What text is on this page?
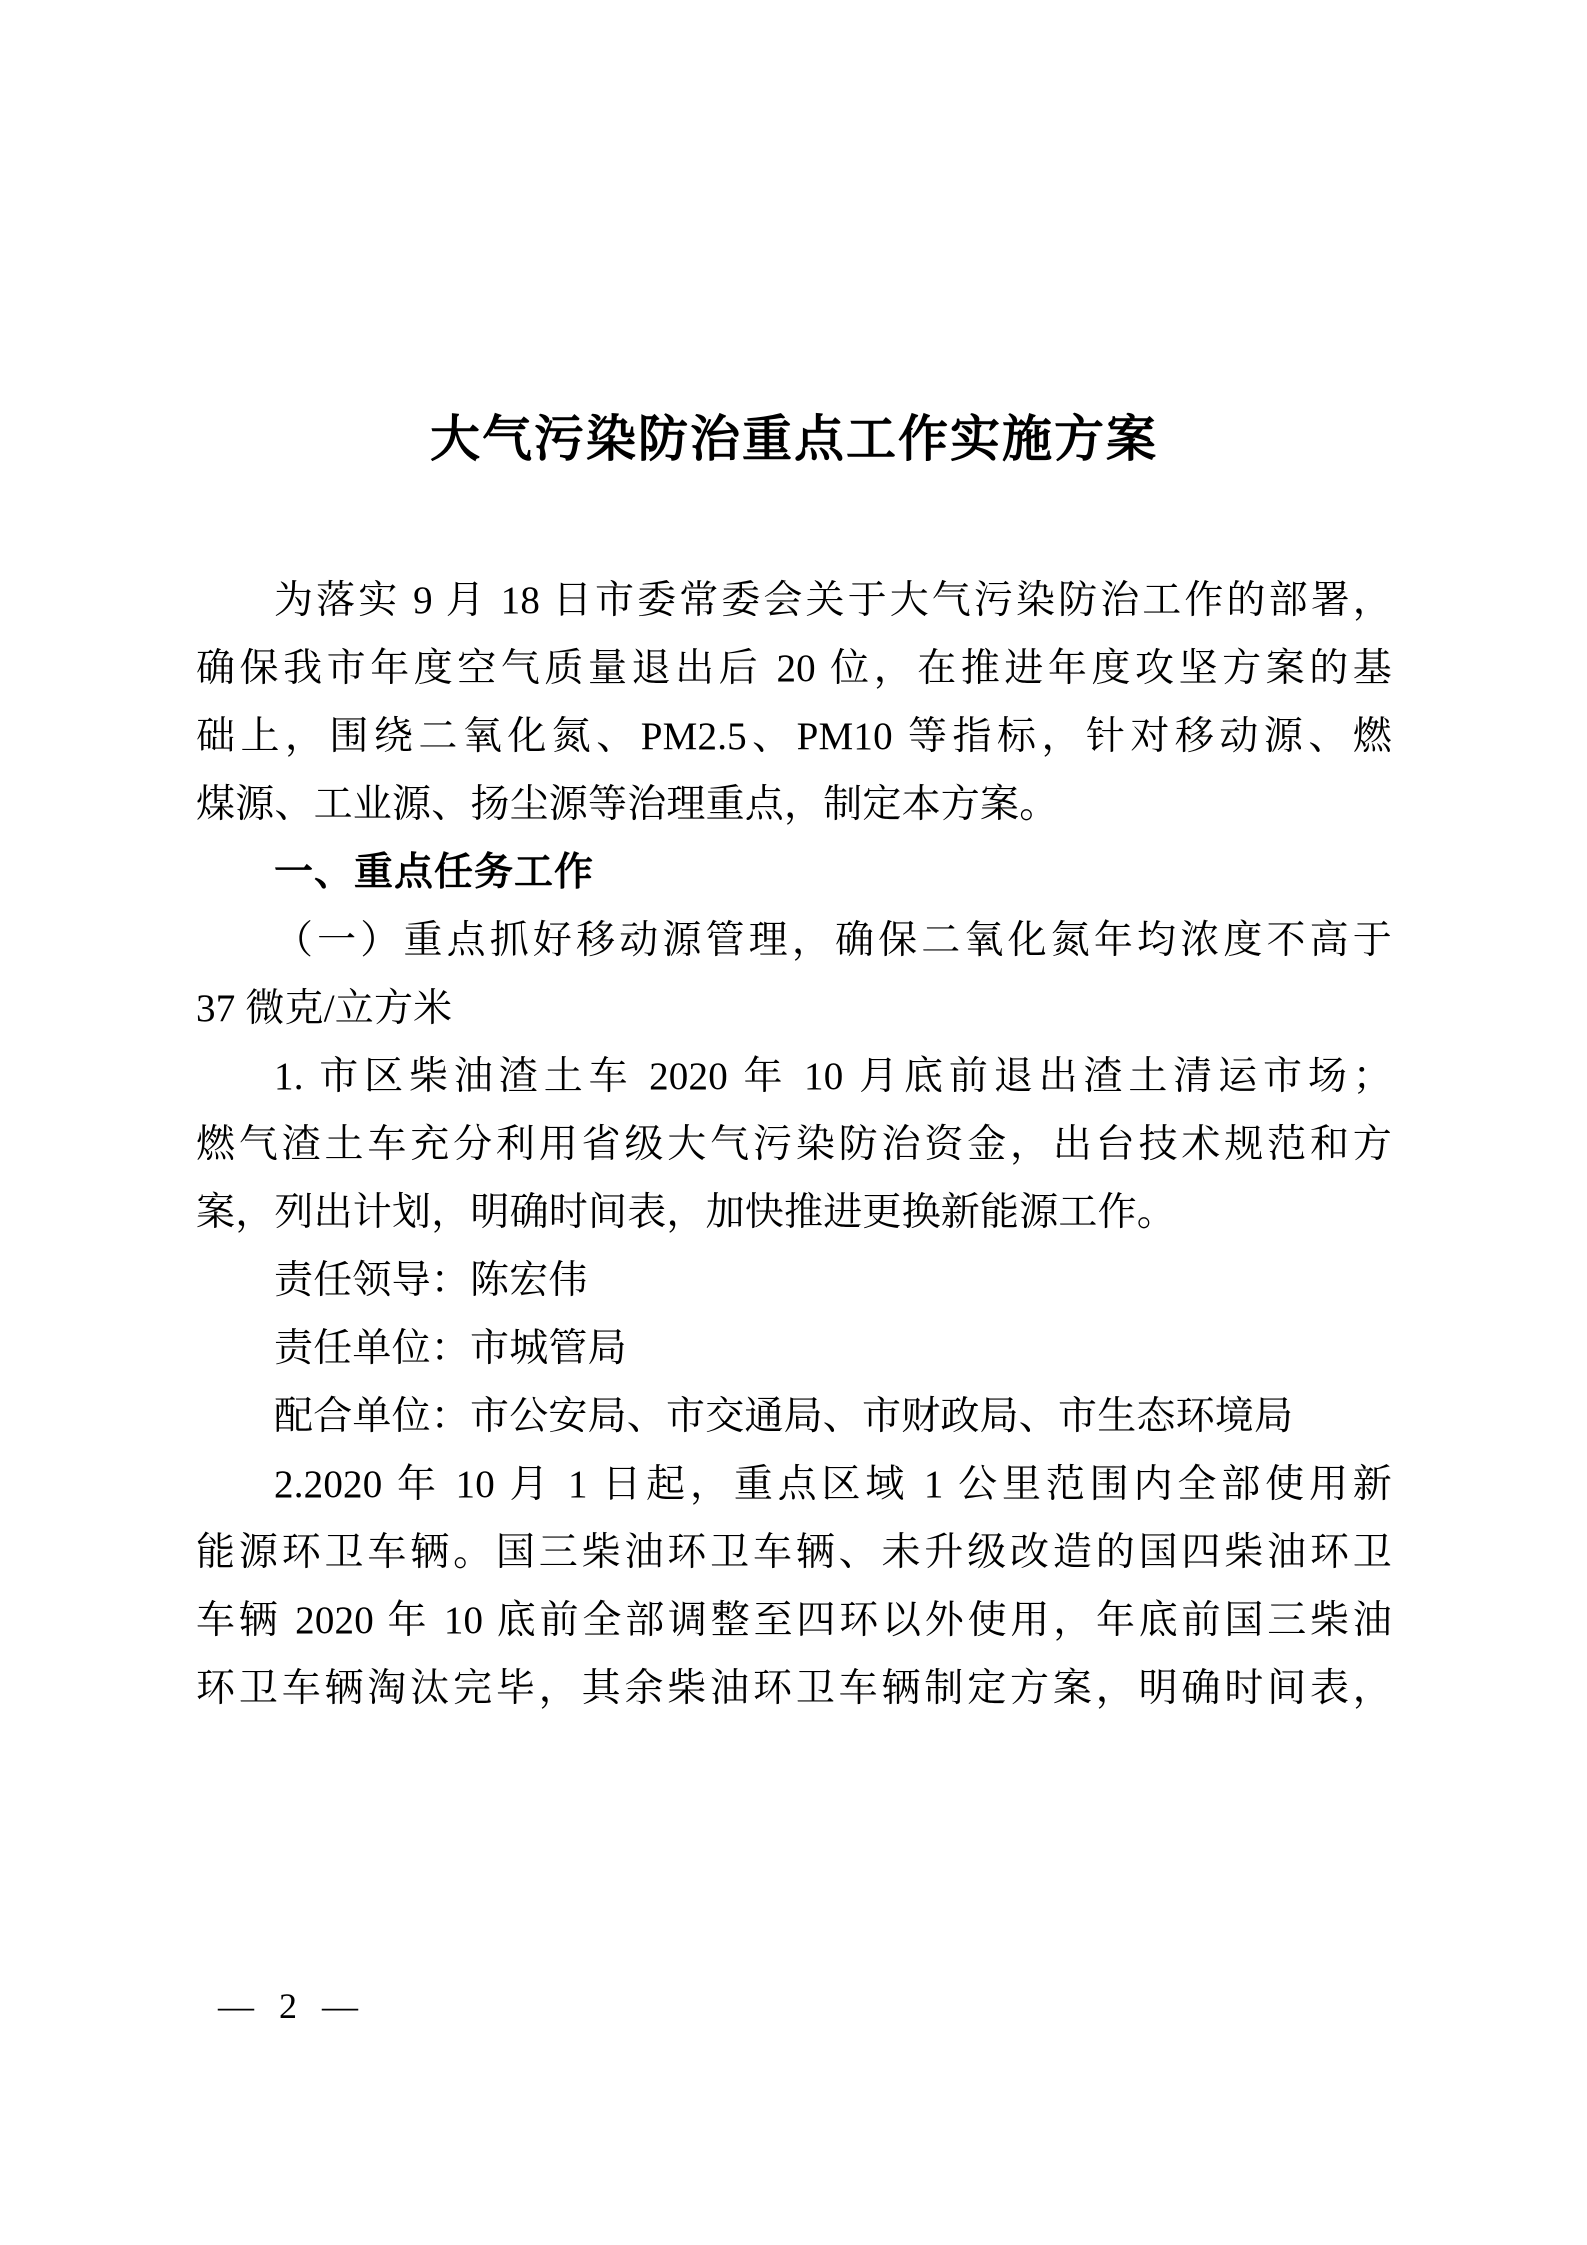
大气污染防治重点工作实施方案

为落实 9 月 18 日市委常委会关于大气污染防治工作的部署，
确保我市年度空气质量退出后 20 位，在推进年度攻坚方案的基
础上，围绕二氧化氮、PM2.5、PM10 等指标，针对移动源、燃
煤源、工业源、扬尘源等治理重点，制定本方案。

一、重点任务工作

（一）重点抓好移动源管理，确保二氧化氮年均浓度不高于
37 微克/立方米

1. 市区柴油渣土车 2020 年 10 月底前退出渣土清运市场；
燃气渣土车充分利用省级大气污染防治资金，出台技术规范和方
案，列出计划，明确时间表，加快推进更换新能源工作。

责任领导：陈宏伟

责任单位：市城管局

配合单位：市公安局、市交通局、市财政局、市生态环境局

2.2020 年 10 月 1 日起，重点区域 1 公里范围内全部使用新
能源环卫车辆。国三柴油环卫车辆、未升级改造的国四柴油环卫
车辆 2020 年 10 底前全部调整至四环以外使用，年底前国三柴油
环卫车辆淘汰完毕，其余柴油环卫车辆制定方案，明确时间表，

— 2 —
